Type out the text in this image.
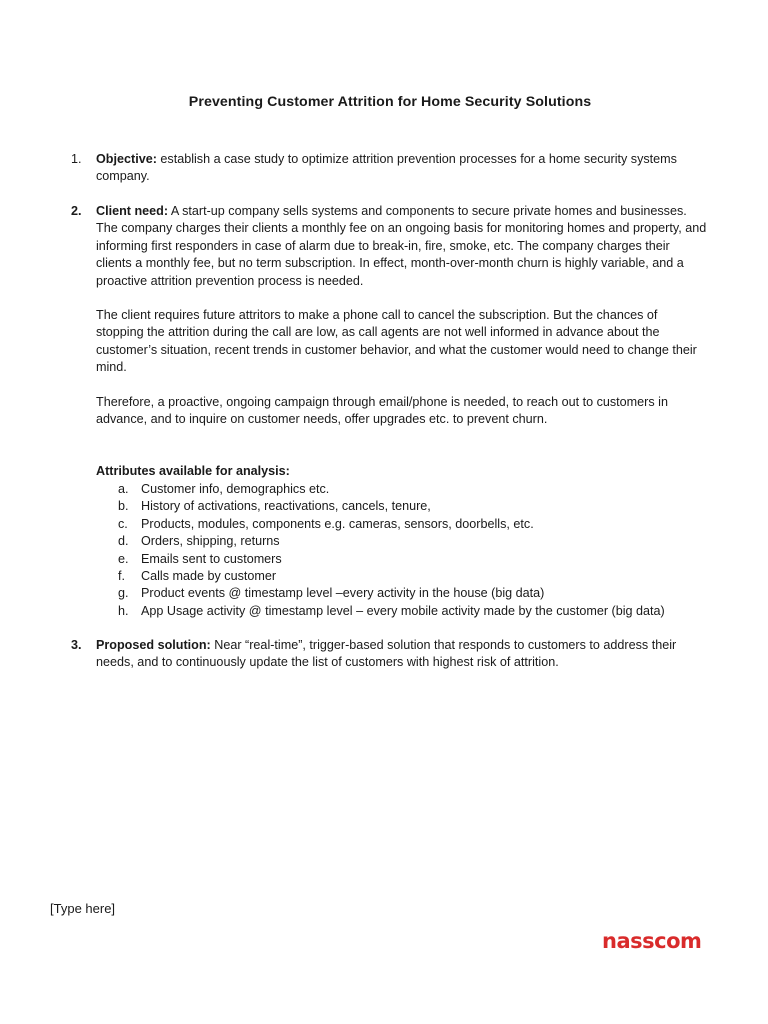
Preventing Customer Attrition for Home Security Solutions
1. Objective: establish a case study to optimize attrition prevention processes for a home security systems company.

2. Client need: A start-up company sells systems and components to secure private homes and businesses. The company charges their clients a monthly fee on an ongoing basis for monitoring homes and property, and informing first responders in case of alarm due to break-in, fire, smoke, etc. The company charges their clients a monthly fee, but no term subscription. In effect, month-over-month churn is highly variable, and a proactive attrition prevention process is needed.

The client requires future attritors to make a phone call to cancel the subscription. But the chances of stopping the attrition during the call are low, as call agents are not well informed in advance about the customer’s situation, recent trends in customer behavior, and what the customer would need to change their mind.

Therefore, a proactive, ongoing campaign through email/phone is needed, to reach out to customers in advance, and to inquire on customer needs, offer upgrades etc. to prevent churn.

Attributes available for analysis:
a. Customer info, demographics etc.
b. History of activations, reactivations, cancels, tenure,
c. Products, modules, components e.g. cameras, sensors, doorbells, etc.
d. Orders, shipping, returns
e. Emails sent to customers
f. Calls made by customer
g. Product events @ timestamp level –every activity in the house (big data)
h. App Usage activity @ timestamp level – every mobile activity made by the customer (big data)
3. Proposed solution: Near “real-time”, trigger-based solution that responds to customers to address their needs, and to continuously update the list of customers with highest risk of attrition.

[Type here]
nasscom
